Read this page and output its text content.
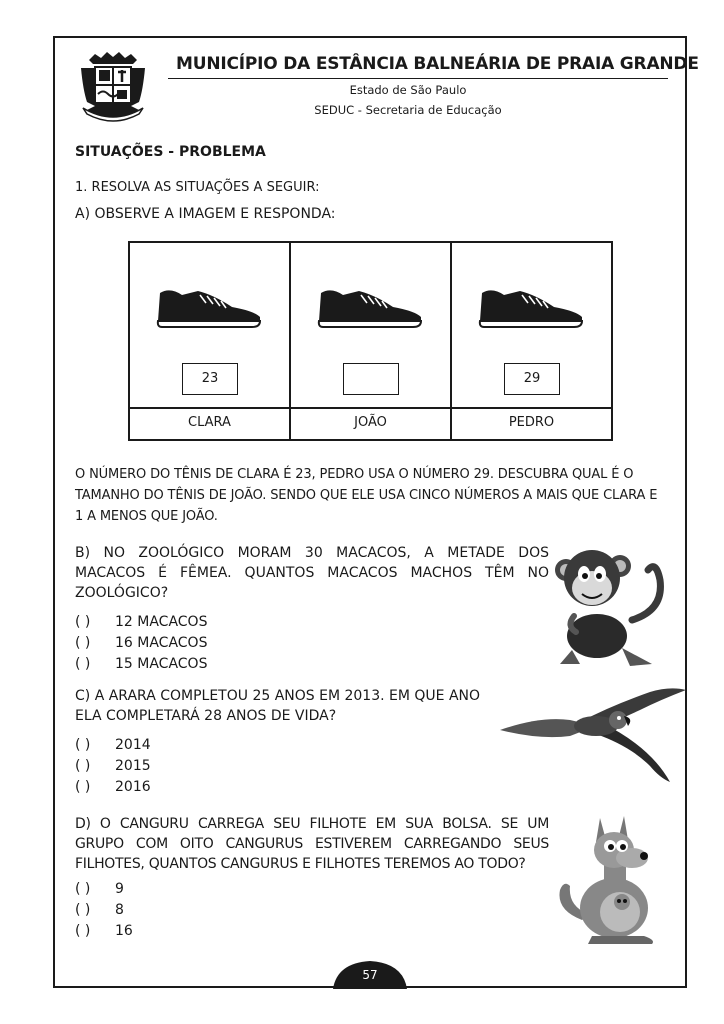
MUNICÍPIO DA ESTÂNCIA BALNEÁRIA DE PRAIA GRANDE
Estado de São Paulo
SEDUC - Secretaria de Educação
SITUAÇÕES - PROBLEMA
1. RESOLVA AS SITUAÇÕES A SEGUIR:
A) OBSERVE A IMAGEM E RESPONDA:
23
CLARA	JOÃO
29
PEDRO

O NÚMERO DO TÊNIS DE CLARA É 23, PEDRO USA O NÚMERO 29. DESCUBRA QUAL É O TAMANHO DO TÊNIS DE JOÃO. SENDO QUE ELE USA CINCO NÚMEROS A MAIS QUE CLARA E 1 A MENOS QUE JOÃO.

B) NO ZOOLÓGICO MORAM 30 MACACOS, A METADE DOS MACACOS É FÊMEA. QUANTOS MACACOS MACHOS TÊM NO ZOOLÓGICO?

( ) 12 MACACOS
( ) 16 MACACOS
( ) 15 MACACOS

C) A ARARA COMPLETOU 25 ANOS EM 2013. EM QUE ANO ELA COMPLETARÁ 28 ANOS DE VIDA?

( ) 2014
( ) 2015
( ) 2016

D) O CANGURU CARREGA SEU FILHOTE EM SUA BOLSA. SE UM GRUPO COM OITO CANGURUS ESTIVEREM CARREGANDO SEUS FILHOTES, QUANTOS CANGURUS E FILHOTES TEREMOS AO TODO?

( ) 9
( ) 8
( ) 16
57
